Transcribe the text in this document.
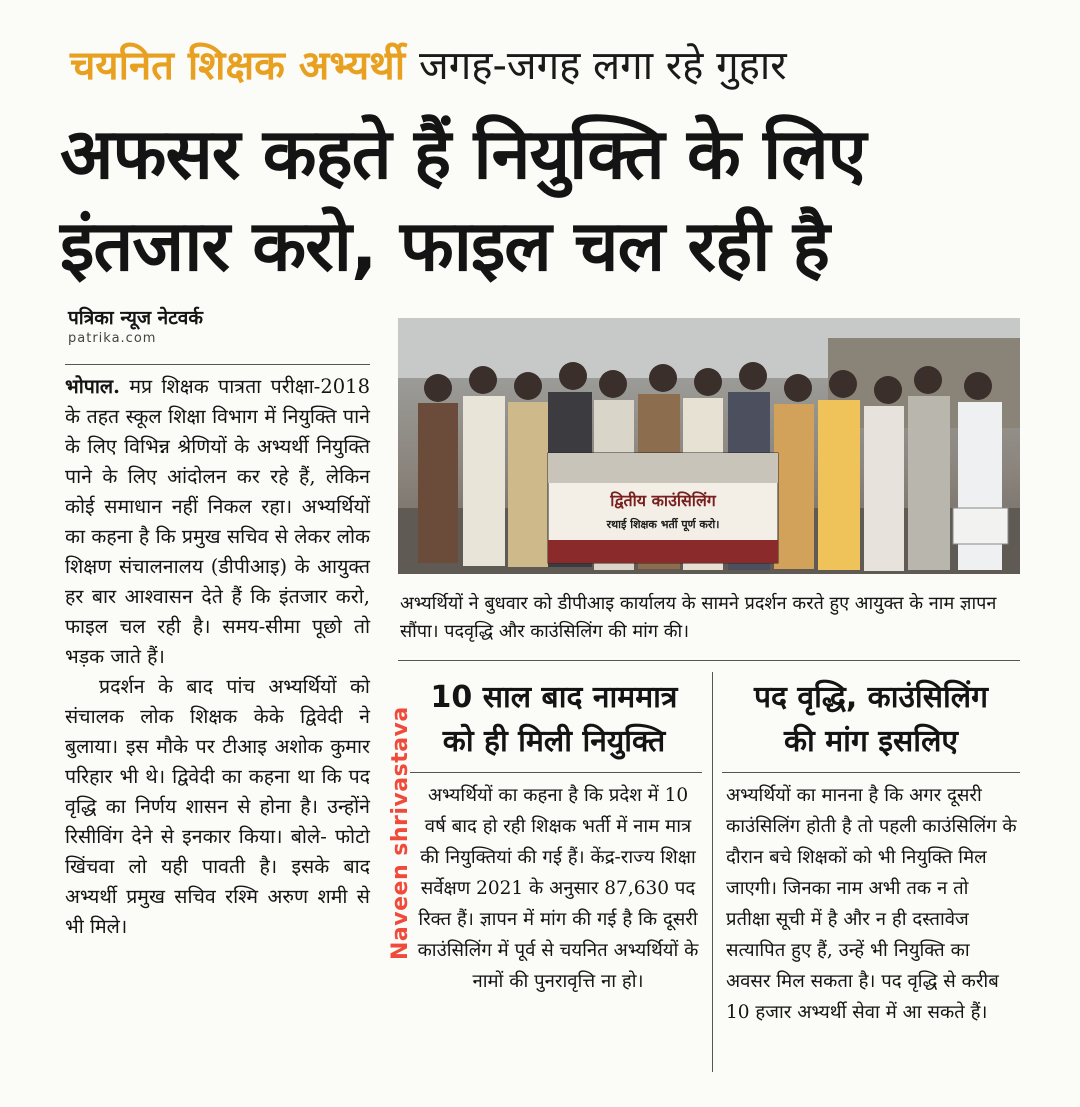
चयनित शिक्षक अभ्यर्थी जगह-जगह लगा रहे गुहार
अफसर कहते हैं नियुक्ति के लिए
इंतजार करो, फाइल चल रही है
पत्रिका न्यूज नेटवर्क
patrika.com

भोपाल. मप्र शिक्षक पात्रता परीक्षा-2018 के तहत स्कूल शिक्षा विभाग में नियुक्ति पाने के लिए विभिन्न श्रेणियों के अभ्यर्थी नियुक्ति पाने के लिए आंदोलन कर रहे हैं, लेकिन कोई समाधान नहीं निकल रहा। अभ्यर्थियों का कहना है कि प्रमुख सचिव से लेकर लोक शिक्षण संचालनालय (डीपीआइ) के आयुक्त हर बार आश्वासन देते हैं कि इंतजार करो, फाइल चल रही है। समय-सीमा पूछो तो भड़क जाते हैं।

प्रदर्शन के बाद पांच अभ्यर्थियों को संचालक लोक शिक्षक केके द्विवेदी ने बुलाया। इस मौके पर टीआइ अशोक कुमार परिहार भी थे। द्विवेदी का कहना था कि पद वृद्धि का निर्णय शासन से होना है। उन्होंने रिसीविंग देने से इनकार किया। बोले- फोटो खिंचवा लो यही पावती है। इसके बाद अभ्यर्थी प्रमुख सचिव रश्मि अरुण शमी से भी मिले।

द्वितीय काउंसिलिंग
रथाई शिक्षक भर्ती पूर्ण करो।
अभ्यर्थियों ने बुधवार को डीपीआइ कार्यालय के सामने प्रदर्शन करते हुए आयुक्त के नाम ज्ञापन सौंपा। पदवृद्धि और काउंसिलिंग की मांग की।
10 साल बाद नाममात्र
को ही मिली नियुक्ति
अभ्यर्थियों का कहना है कि प्रदेश में 10 वर्ष बाद हो रही शिक्षक भर्ती में नाम मात्र की नियुक्तियां की गई हैं। केंद्र-राज्य शिक्षा सर्वेक्षण 2021 के अनुसार 87,630 पद रिक्त हैं। ज्ञापन में मांग की गई है कि दूसरी काउंसिलिंग में पूर्व से चयनित अभ्यर्थियों के नामों की पुनरावृत्ति ना हो।
पद वृद्धि, काउंसिलिंग
की मांग इसलिए
अभ्यर्थियों का मानना है कि अगर दूसरी काउंसिलिंग होती है तो पहली काउंसिलिंग के दौरान बचे शिक्षकों को भी नियुक्ति मिल जाएगी। जिनका नाम अभी तक न तो प्रतीक्षा सूची में है और न ही दस्तावेज सत्यापित हुए हैं, उन्हें भी नियुक्ति का अवसर मिल सकता है। पद वृद्धि से करीब 10 हजार अभ्यर्थी सेवा में आ सकते हैं।
Naveen shrivastava
